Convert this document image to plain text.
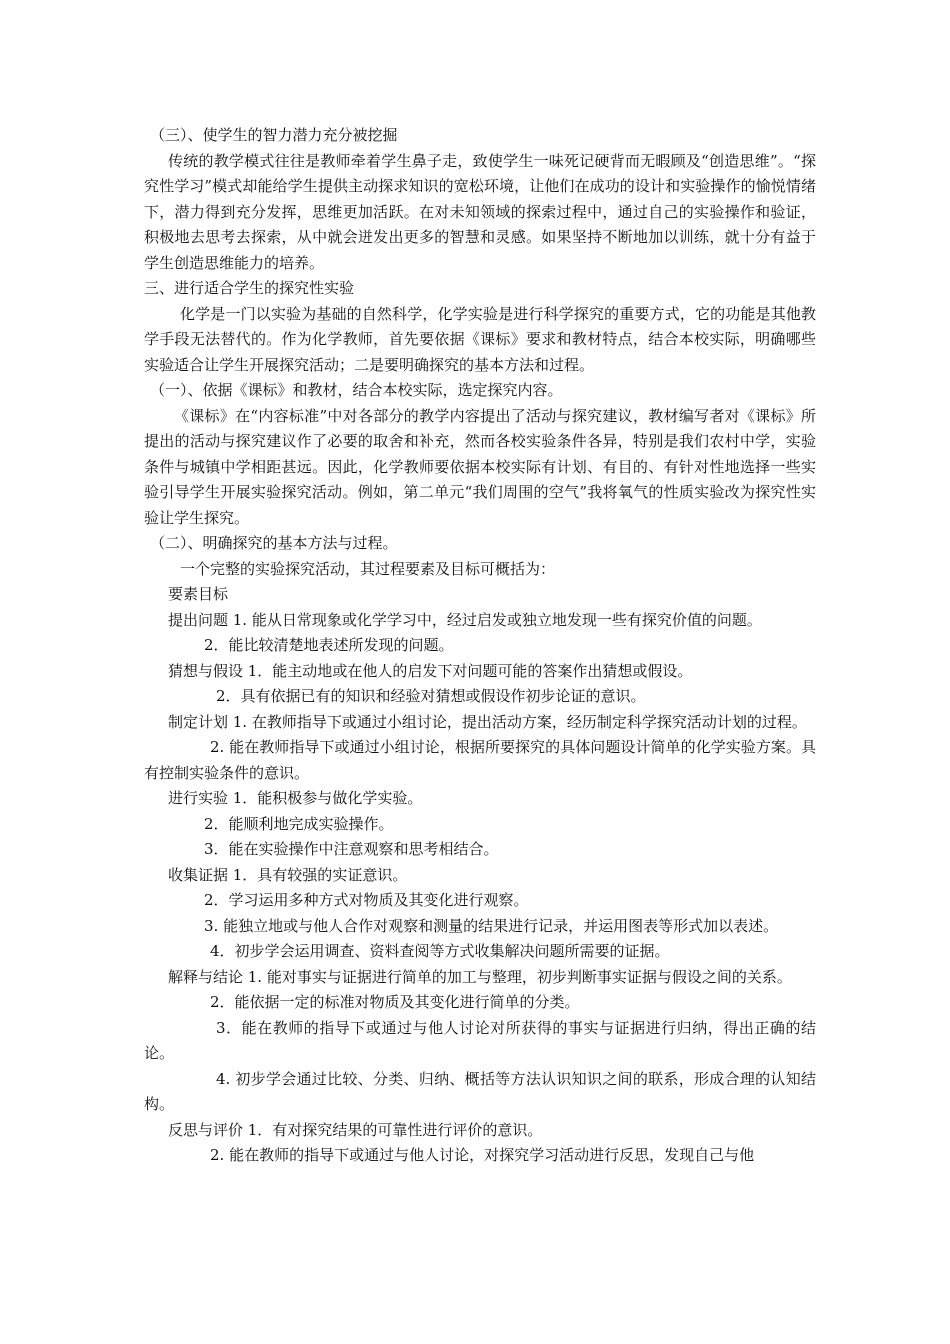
（三）、使学生的智力潜力充分被挖掘
传统的教学模式往往是教师牵着学生鼻子走，致使学生一味死记硬背而无暇顾及“创造思维”。“探究性学习”模式却能给学生提供主动探求知识的宽松环境，让他们在成功的设计和实验操作的愉悦情绪下，潜力得到充分发挥，思维更加活跃。在对未知领域的探索过程中，通过自己的实验操作和验证，积极地去思考去探索，从中就会迸发出更多的智慧和灵感。如果坚持不断地加以训练，就十分有益于学生创造思维能力的培养。
三、进行适合学生的探究性实验
化学是一门以实验为基础的自然科学，化学实验是进行科学探究的重要方式，它的功能是其他教学手段无法替代的。作为化学教师，首先要依据《课标》要求和教材特点，结合本校实际，明确哪些实验适合让学生开展探究活动；二是要明确探究的基本方法和过程。
（一）、依据《课标》和教材，结合本校实际，选定探究内容。
《课标》在“内容标准”中对各部分的教学内容提出了活动与探究建议，教材编写者对《课标》所提出的活动与探究建议作了必要的取舍和补充，然而各校实验条件各异，特别是我们农村中学，实验条件与城镇中学相距甚远。因此，化学教师要依据本校实际有计划、有目的、有针对性地选择一些实验引导学生开展实验探究活动。例如，第二单元“我们周围的空气”我将氧气的性质实验改为探究性实验让学生探究。
（二）、明确探究的基本方法与过程。
一个完整的实验探究活动，其过程要素及目标可概括为：
要素目标
提出问题 1. 能从日常现象或化学学习中，经过启发或独立地发现一些有探究价值的问题。
2．能比较清楚地表述所发现的问题。
猜想与假设 1．能主动地或在他人的启发下对问题可能的答案作出猜想或假设。
2．具有依据已有的知识和经验对猜想或假设作初步论证的意识。
制定计划 1. 在教师指导下或通过小组讨论，提出活动方案，经历制定科学探究活动计划的过程。
2. 能在教师指导下或通过小组讨论，根据所要探究的具体问题设计简单的化学实验方案。具有控制实验条件的意识。
进行实验 1．能积极参与做化学实验。
2．能顺利地完成实验操作。
3．能在实验操作中注意观察和思考相结合。
收集证据 1．具有较强的实证意识。
2．学习运用多种方式对物质及其变化进行观察。
3. 能独立地或与他人合作对观察和测量的结果进行记录，并运用图表等形式加以表述。
4．初步学会运用调查、资料查阅等方式收集解决问题所需要的证据。
解释与结论 1. 能对事实与证据进行简单的加工与整理，初步判断事实证据与假设之间的关系。
2．能依据一定的标准对物质及其变化进行简单的分类。
3．能在教师的指导下或通过与他人讨论对所获得的事实与证据进行归纳，得出正确的结论。
4. 初步学会通过比较、分类、归纳、概括等方法认识知识之间的联系，形成合理的认知结构。
反思与评价 1．有对探究结果的可靠性进行评价的意识。
2. 能在教师的指导下或通过与他人讨论，对探究学习活动进行反思，发现自己与他
